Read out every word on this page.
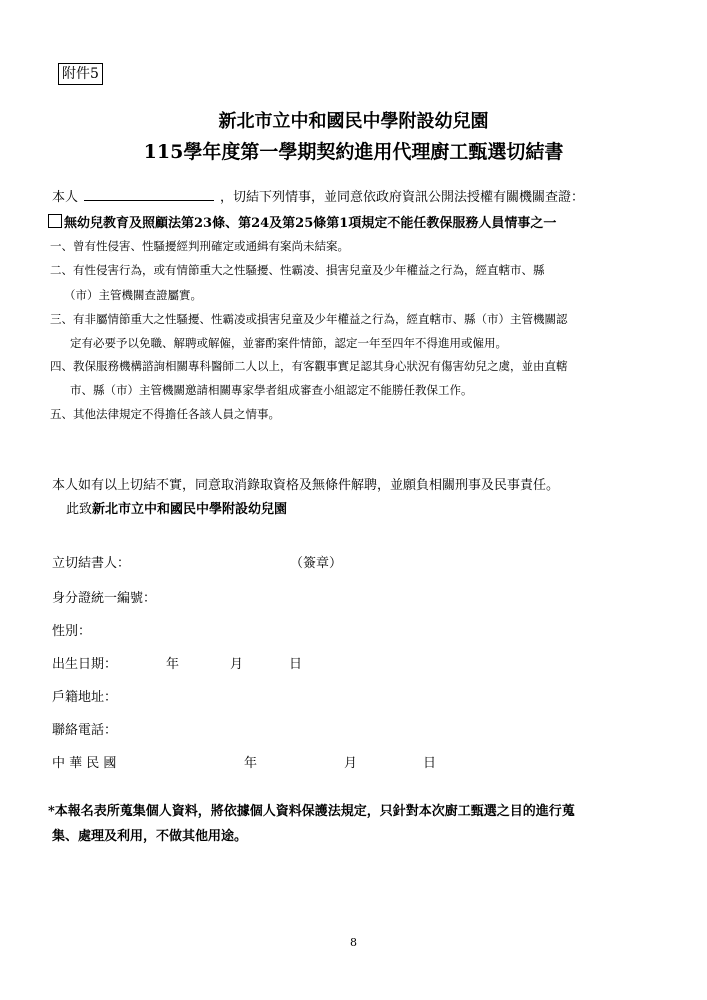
附件5
新北市立中和國民中學附設幼兒園
115學年度第一學期契約進用代理廚工甄選切結書
本人	，切結下列情事，並同意依政府資訊公開法授權有關機關查證：
無幼兒教育及照顧法第23條、第24及第25條第1項規定不能任教保服務人員情事之一
一、曾有性侵害、性騷擾經判刑確定或通緝有案尚未結案。
二、有性侵害行為，或有情節重大之性騷擾、性霸凌、損害兒童及少年權益之行為，經直轄市、縣
（市）主管機關查證屬實。
三、有非屬情節重大之性騷擾、性霸凌或損害兒童及少年權益之行為，經直轄市、縣（市）主管機關認
定有必要予以免職、解聘或解僱，並審酌案件情節，認定一年至四年不得進用或僱用。
四、教保服務機構諮詢相關專科醫師二人以上，有客觀事實足認其身心狀況有傷害幼兒之虞，並由直轄
市、縣（市）主管機關邀請相關專家學者組成審查小組認定不能勝任教保工作。
五、其他法律規定不得擔任各該人員之情事。
本人如有以上切結不實，同意取消錄取資格及無條件解聘，並願負相關刑事及民事責任。
此致新北市立中和國民中學附設幼兒園
立切結書人：	（簽章）
身分證統一編號：
性別：
出生日期：	年	月	日
戶籍地址：
聯絡電話：
中 華 民 國	年	月	日
*本報名表所蒐集個人資料，將依據個人資料保護法規定，只針對本次廚工甄選之目的進行蒐
集、處理及利用，不做其他用途。
8
